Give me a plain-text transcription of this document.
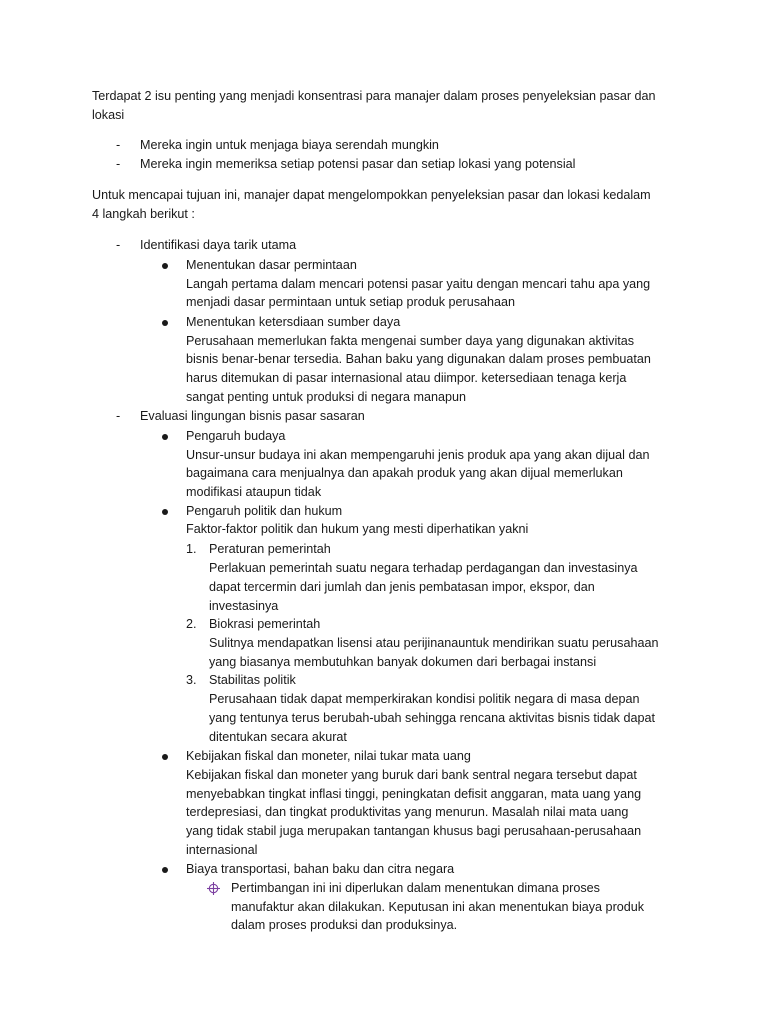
Terdapat 2 isu penting yang menjadi konsentrasi para manajer dalam proses penyeleksian pasar dan
lokasi
- Mereka ingin untuk menjaga biaya serendah mungkin
- Mereka ingin memeriksa setiap potensi pasar dan setiap lokasi yang potensial
Untuk mencapai tujuan ini, manajer dapat mengelompokkan penyeleksian pasar dan lokasi kedalam
4 langkah berikut :
- Identifikasi daya tarik utama
Menentukan dasar permintaan
Langah pertama dalam mencari potensi pasar yaitu dengan mencari tahu apa yang
menjadi dasar permintaan untuk setiap produk perusahaan
Menentukan ketersdiaan sumber daya
Perusahaan memerlukan fakta mengenai sumber daya yang digunakan aktivitas
bisnis benar-benar tersedia. Bahan baku yang digunakan dalam proses pembuatan
harus ditemukan di pasar internasional atau diimpor. ketersediaan tenaga kerja
sangat penting untuk produksi di negara manapun
- Evaluasi lingungan bisnis pasar sasaran
Pengaruh budaya
Unsur-unsur budaya ini akan mempengaruhi jenis produk apa yang akan dijual dan
bagaimana cara menjualnya dan apakah produk yang akan dijual memerlukan
modifikasi ataupun tidak
Pengaruh politik dan hukum
Faktor-faktor politik dan hukum yang mesti diperhatikan yakni
1. Peraturan pemerintah
Perlakuan pemerintah suatu negara terhadap perdagangan dan investasinya
dapat tercermin dari jumlah dan jenis pembatasan impor, ekspor, dan
investasinya
2. Biokrasi pemerintah
Sulitnya mendapatkan lisensi atau perijinanauntuk mendirikan suatu perusahaan
yang biasanya membutuhkan banyak dokumen dari berbagai instansi
3. Stabilitas politik
Perusahaan tidak dapat memperkirakan kondisi politik negara di masa depan
yang tentunya terus berubah-ubah sehingga rencana aktivitas bisnis tidak dapat
ditentukan secara akurat
Kebijakan fiskal dan moneter, nilai tukar mata uang
Kebijakan fiskal dan moneter yang buruk dari bank sentral negara tersebut dapat
menyebabkan tingkat inflasi tinggi, peningkatan defisit anggaran, mata uang yang
terdepresiasi, dan tingkat produktivitas yang menurun. Masalah nilai mata uang
yang tidak stabil juga merupakan tantangan khusus bagi perusahaan-perusahaan
internasional
Biaya transportasi, bahan baku dan citra negara
Pertimbangan ini ini diperlukan dalam menentukan dimana proses
manufaktur akan dilakukan. Keputusan ini akan menentukan biaya produk
dalam proses produksi dan produksinya.
